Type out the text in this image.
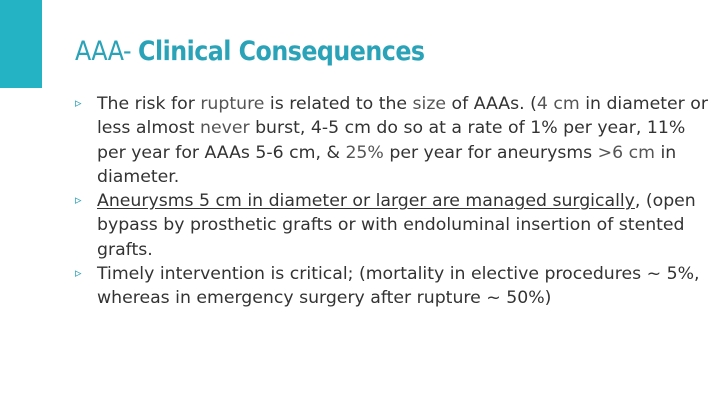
AAA- Clinical Consequences
▹ The risk for rupture is related to the size of AAAs. (4 cm in diameter or less almost never burst, 4-5 cm do so at a rate of 1% per year, 11% per year for AAAs 5-6 cm, & 25% per year for aneurysms >6 cm in diameter.
▹ Aneurysms 5 cm in diameter or larger are managed surgically, (open bypass by prosthetic grafts or with endoluminal insertion of stented grafts.
▹ Timely intervention is critical; (mortality in elective procedures ~ 5%, whereas in emergency surgery after rupture ~ 50%)
